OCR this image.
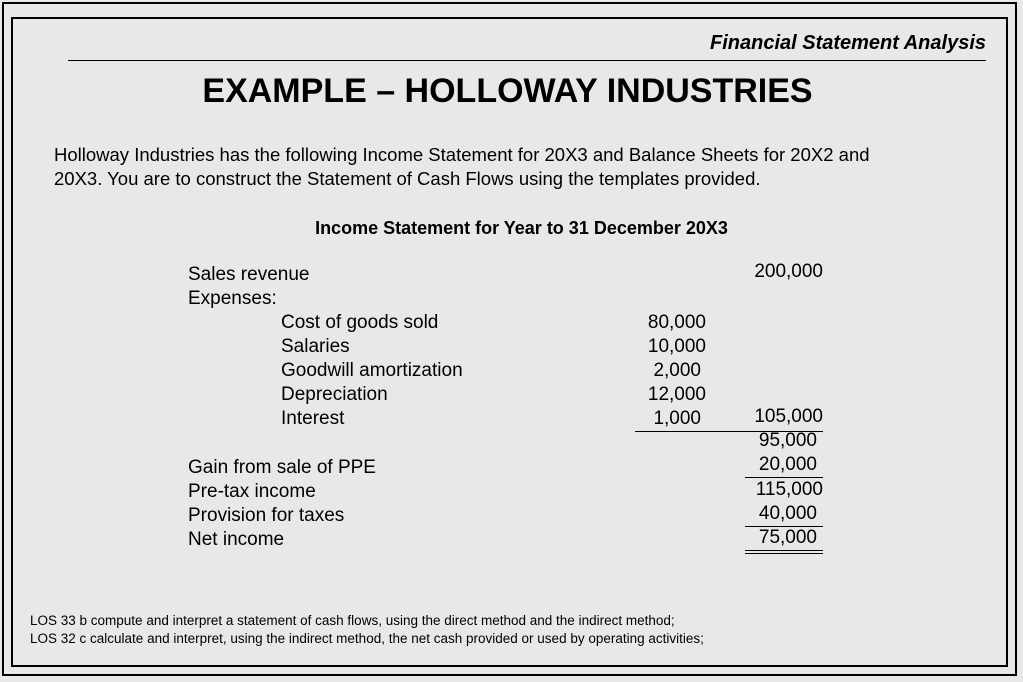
Financial Statement Analysis
EXAMPLE – HOLLOWAY INDUSTRIES

Holloway Industries has the following Income Statement for 20X3 and Balance Sheets for 20X2 and

20X3. You are to construct the Statement of Cash Flows using the templates provided.

Income Statement for Year to 31 December 20X3
Sales revenue	200,000
Expenses:
Cost of goods sold	80,000
Salaries	10,000
Goodwill amortization	2,000
Depreciation	12,000
Interest	1,000	105,000
95,000
Gain from sale of PPE	20,000
Pre-tax income	115,000
Provision for taxes	40,000
Net income	75,000

LOS 33 b compute and interpret a statement of cash flows, using the direct method and the indirect method;

LOS 32 c calculate and interpret, using the indirect method, the net cash provided or used by operating activities;
